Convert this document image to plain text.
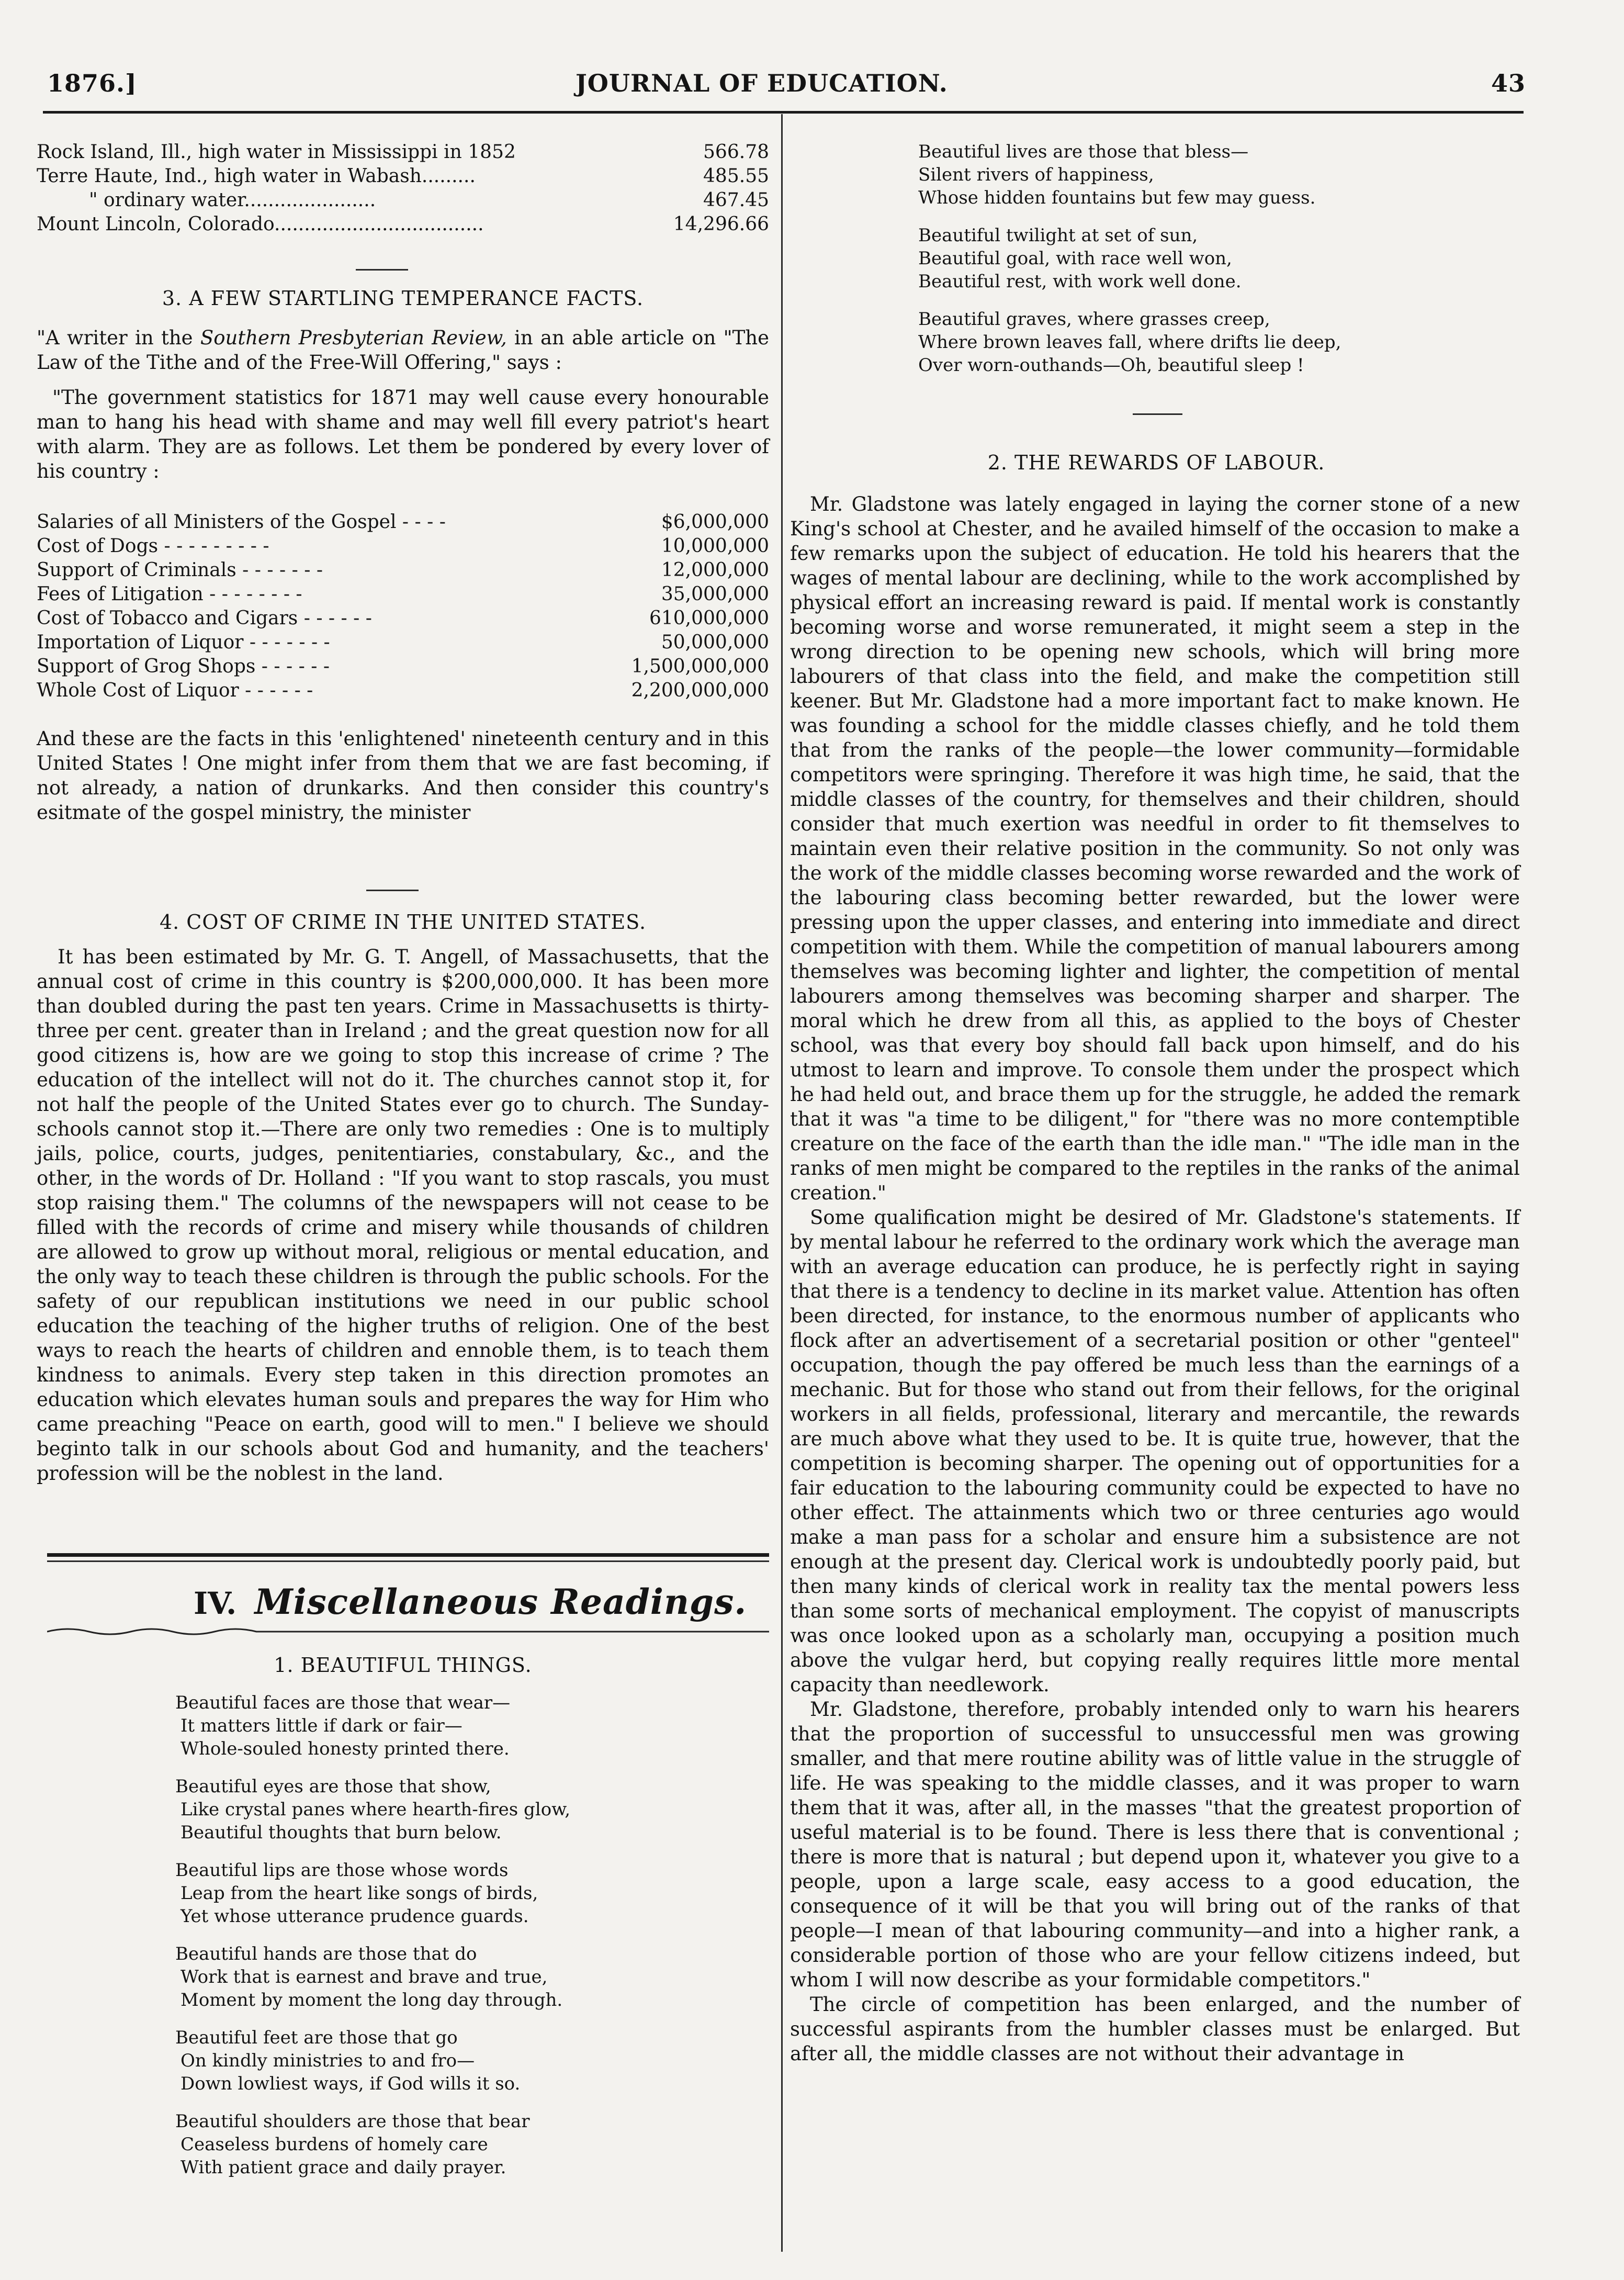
1876.]	JOURNAL OF EDUCATION.	43
Rock Island, Ill., high water in Mississippi in 1852	566.78
Terre Haute, Ind., high water in Wabash.........	485.55
" ordinary water......................	467.45
Mount Lincoln, Colorado...................................	14,296.66
3. A FEW STARTLING TEMPERANCE FACTS.
"A writer in the Southern Presbyterian Review, in an able article on "The Law of the Tithe and of the Free-Will Offering," says :
"The government statistics for 1871 may well cause every honourable man to hang his head with shame and may well fill every patriot's heart with alarm. They are as follows. Let them be pondered by every lover of his country :
Salaries of all Ministers of the Gospel - - - -	$6,000,000
Cost of Dogs - - - - - - - - -	10,000,000
Support of Criminals - - - - - - -	12,000,000
Fees of Litigation - - - - - - - -	35,000,000
Cost of Tobacco and Cigars - - - - - -	610,000,000
Importation of Liquor - - - - - - -	50,000,000
Support of Grog Shops - - - - - -	1,500,000,000
Whole Cost of Liquor - - - - - -	2,200,000,000
And these are the facts in this 'enlightened' nineteenth century and in this United States ! One might infer from them that we are fast becoming, if not already, a nation of drunkarks. And then consider this country's esitmate of the gospel ministry, the minister
4. COST OF CRIME IN THE UNITED STATES.
It has been estimated by Mr. G. T. Angell, of Massachusetts, that the annual cost of crime in this country is $200,000,000. It has been more than doubled during the past ten years. Crime in Massachusetts is thirty-three per cent. greater than in Ireland ; and the great question now for all good citizens is, how are we going to stop this increase of crime ? The education of the intellect will not do it. The churches cannot stop it, for not half the people of the United States ever go to church. The Sunday-schools cannot stop it.—There are only two remedies : One is to multiply jails, police, courts, judges, penitentiaries, constabulary, &c., and the other, in the words of Dr. Holland : "If you want to stop rascals, you must stop raising them." The columns of the newspapers will not cease to be filled with the records of crime and misery while thousands of children are allowed to grow up without moral, religious or mental education, and the only way to teach these children is through the public schools. For the safety of our republican institutions we need in our public school education the teaching of the higher truths of religion. One of the best ways to reach the hearts of children and ennoble them, is to teach them kindness to animals. Every step taken in this direction promotes an education which elevates human souls and prepares the way for Him who came preaching "Peace on earth, good will to men." I believe we should beginto talk in our schools about God and humanity, and the teachers' profession will be the noblest in the land.
IV. Miscellaneous Readings.
1. BEAUTIFUL THINGS.
Beautiful faces are those that wear—
It matters little if dark or fair—
Whole-souled honesty printed there.
Beautiful eyes are those that show,
Like crystal panes where hearth-fires glow,
Beautiful thoughts that burn below.
Beautiful lips are those whose words
Leap from the heart like songs of birds,
Yet whose utterance prudence guards.
Beautiful hands are those that do
Work that is earnest and brave and true,
Moment by moment the long day through.
Beautiful feet are those that go
On kindly ministries to and fro—
Down lowliest ways, if God wills it so.
Beautiful shoulders are those that bear
Ceaseless burdens of homely care
With patient grace and daily prayer.
Beautiful lives are those that bless—
Silent rivers of happiness,
Whose hidden fountains but few may guess.
Beautiful twilight at set of sun,
Beautiful goal, with race well won,
Beautiful rest, with work well done.
Beautiful graves, where grasses creep,
Where brown leaves fall, where drifts lie deep,
Over worn-outhands—Oh, beautiful sleep !
2. THE REWARDS OF LABOUR.

Mr. Gladstone was lately engaged in laying the corner stone of a new King's school at Chester, and he availed himself of the occasion to make a few remarks upon the subject of education. He told his hearers that the wages of mental labour are declining, while to the work accomplished by physical effort an increasing reward is paid. If mental work is constantly becoming worse and worse remunerated, it might seem a step in the wrong direction to be opening new schools, which will bring more labourers of that class into the field, and make the competition still keener. But Mr. Gladstone had a more important fact to make known. He was founding a school for the middle classes chiefly, and he told them that from the ranks of the people—the lower community—formidable competitors were springing. Therefore it was high time, he said, that the middle classes of the country, for themselves and their children, should consider that much exertion was needful in order to fit themselves to maintain even their relative position in the community. So not only was the work of the middle classes becoming worse rewarded and the work of the labouring class becoming better rewarded, but the lower were pressing upon the upper classes, and entering into immediate and direct competition with them. While the competition of manual labourers among themselves was becoming lighter and lighter, the competition of mental labourers among themselves was becoming sharper and sharper. The moral which he drew from all this, as applied to the boys of Chester school, was that every boy should fall back upon himself, and do his utmost to learn and improve. To console them under the prospect which he had held out, and brace them up for the struggle, he added the remark that it was "a time to be diligent," for "there was no more contemptible creature on the face of the earth than the idle man." "The idle man in the ranks of men might be compared to the reptiles in the ranks of the animal creation."

Some qualification might be desired of Mr. Gladstone's statements. If by mental labour he referred to the ordinary work which the average man with an average education can produce, he is perfectly right in saying that there is a tendency to decline in its market value. Attention has often been directed, for instance, to the enormous number of applicants who flock after an advertisement of a secretarial position or other "genteel" occupation, though the pay offered be much less than the earnings of a mechanic. But for those who stand out from their fellows, for the original workers in all fields, professional, literary and mercantile, the rewards are much above what they used to be. It is quite true, however, that the competition is becoming sharper. The opening out of opportunities for a fair education to the labouring community could be expected to have no other effect. The attainments which two or three centuries ago would make a man pass for a scholar and ensure him a subsistence are not enough at the present day. Clerical work is undoubtedly poorly paid, but then many kinds of clerical work in reality tax the mental powers less than some sorts of mechanical employment. The copyist of manuscripts was once looked upon as a scholarly man, occupying a position much above the vulgar herd, but copying really requires little more mental capacity than needlework.

Mr. Gladstone, therefore, probably intended only to warn his hearers that the proportion of successful to unsuccessful men was growing smaller, and that mere routine ability was of little value in the struggle of life. He was speaking to the middle classes, and it was proper to warn them that it was, after all, in the masses "that the greatest proportion of useful material is to be found. There is less there that is conventional ; there is more that is natural ; but depend upon it, whatever you give to a people, upon a large scale, easy access to a good education, the consequence of it will be that you will bring out of the ranks of that people—I mean of that labouring community—and into a higher rank, a considerable portion of those who are your fellow citizens indeed, but whom I will now describe as your formidable competitors."

The circle of competition has been enlarged, and the number of successful aspirants from the humbler classes must be enlarged. But after all, the middle classes are not without their advantage in
